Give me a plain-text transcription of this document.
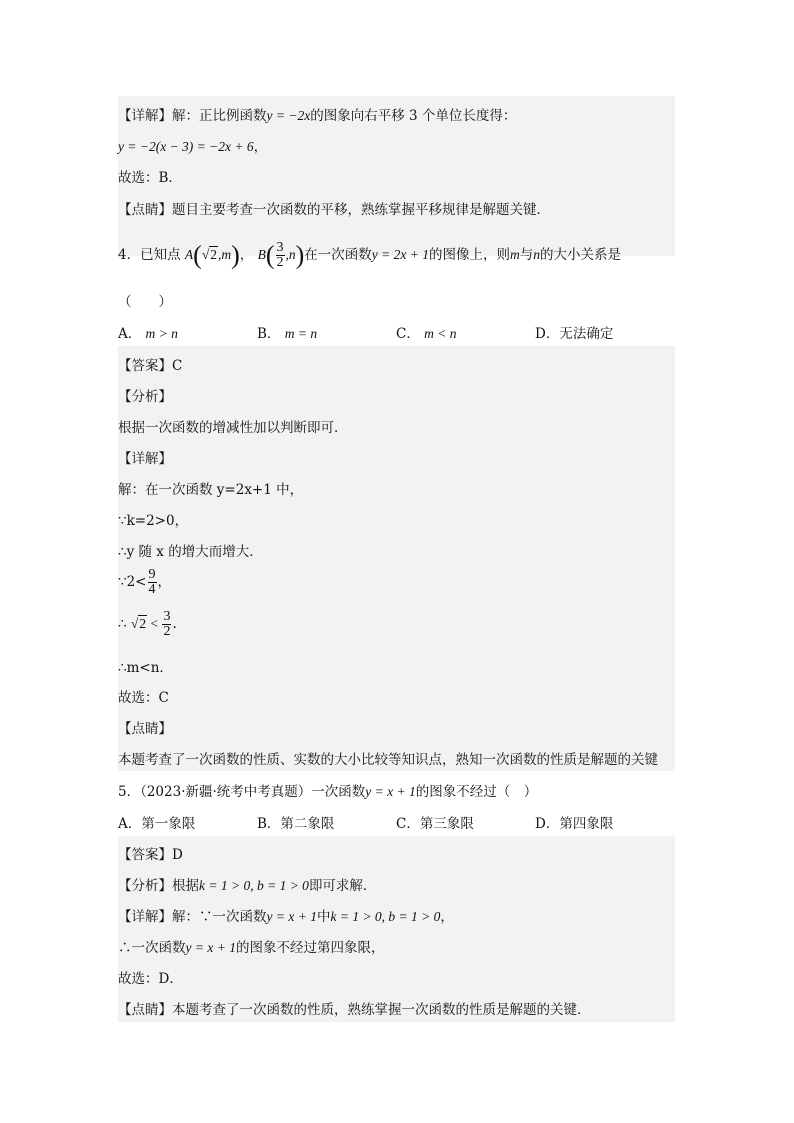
【详解】解：正比例函数y = −2x的图象向右平移 3 个单位长度得：
y = −2(x − 3) = −2x + 6，
故选：B．
【点睛】题目主要考查一次函数的平移，熟练掌握平移规律是解题关键．
4．已知点 A(√2,m)， $B( \frac{3}{2} ,n)$在一次函数y = 2x + 1的图像上，则m与n的大小关系是
（　　）
A． m > n	B． m = n	C． m < n	D．无法确定
【答案】C
【分析】
根据一次函数的增减性加以判断即可．
【详解】
解：在一次函数 y=2x+1 中，
∵k=2>0，
∴y 随 x 的增大而增大．
∵2< $\frac{9}{4}$ ，
∴ $√2 < \frac{3}{2}$ .
∴m<n．
故选：C
【点睛】
本题考查了一次函数的性质、实数的大小比较等知识点，熟知一次函数的性质是解题的关键
5．（2023·新疆·统考中考真题）一次函数y = x + 1的图象不经过（　）
A．第一象限	B．第二象限	C．第三象限	D．第四象限
【答案】D
【分析】根据k = 1 > 0, b = 1 > 0即可求解．
【详解】解：∵一次函数y = x + 1中k = 1 > 0, b = 1 > 0，
∴一次函数y = x + 1的图象不经过第四象限，
故选：D．
【点睛】本题考查了一次函数的性质，熟练掌握一次函数的性质是解题的关键．
